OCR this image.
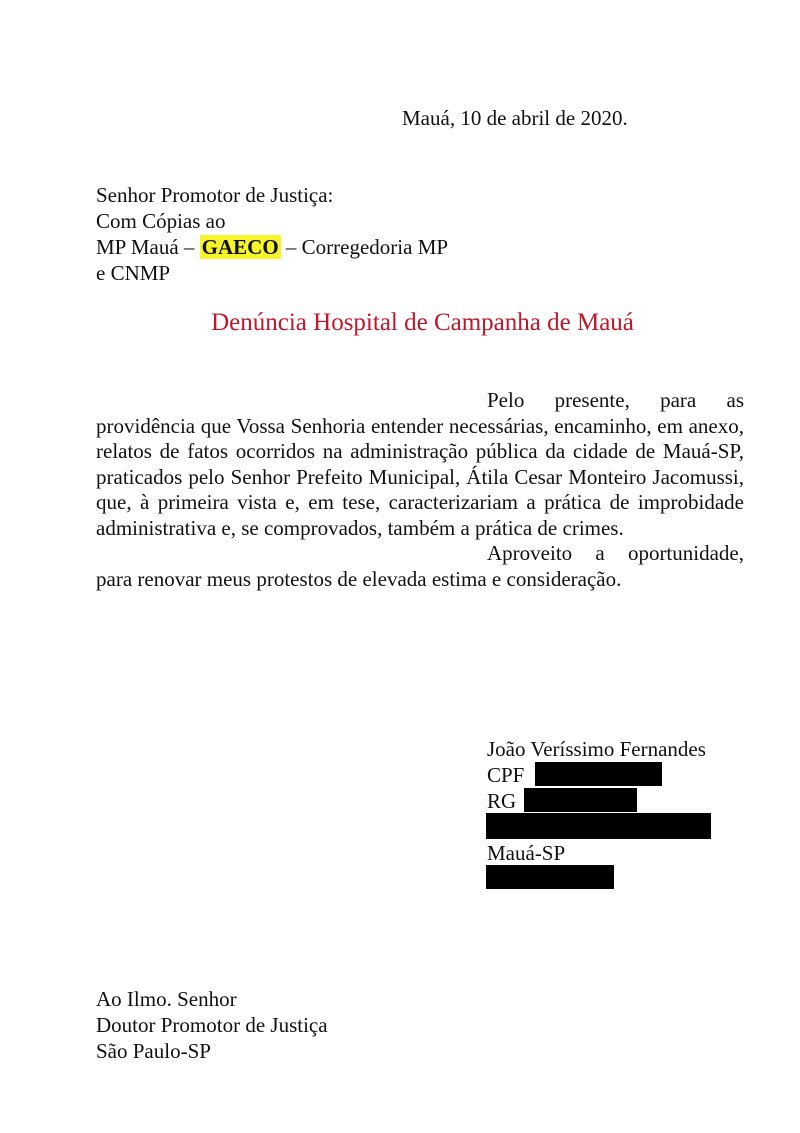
Mauá, 10 de abril de 2020.
Senhor Promotor de Justiça:
Com Cópias ao
MP Mauá – GAECO – Corregedoria MP
e CNMP
Denúncia Hospital de Campanha de Mauá

Pelo presente, para as providência que Vossa Senhoria entender necessárias, encaminho, em anexo, relatos de fatos ocorridos na administração pública da cidade de Mauá-SP, praticados pelo Senhor Prefeito Municipal, Átila Cesar Monteiro Jacomussi, que, à primeira vista e, em tese, caracterizariam a prática de improbidade administrativa e, se comprovados, também a prática de crimes.

Aproveito a oportunidade, para renovar meus protestos de elevada estima e consideração.

João Veríssimo Fernandes
CPF
RG
Mauá-SP
Ao Ilmo. Senhor
Doutor Promotor de Justiça
São Paulo-SP
